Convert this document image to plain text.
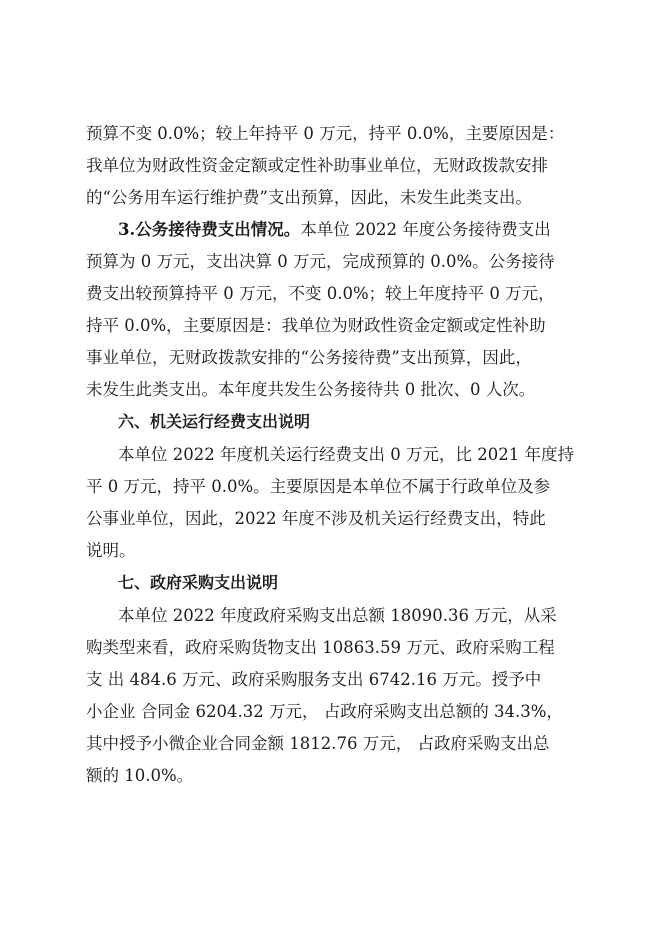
预算不变 0.0%；较上年持平 0 万元，持平 0.0%，主要原因是：
我单位为财政性资金定额或定性补助事业单位，无财政拨款安排
的“公务用车运行维护费”支出预算，因此，未发生此类支出。
3.公务接待费支出情况。本单位 2022 年度公务接待费支出
预算为 0 万元，支出决算 0 万元，完成预算的 0.0%。公务接待
费支出较预算持平 0 万元，不变 0.0%；较上年度持平 0 万元，
持平 0.0%，主要原因是：我单位为财政性资金定额或定性补助
事业单位，无财政拨款安排的“公务接待费”支出预算，因此，
未发生此类支出。本年度共发生公务接待共 0 批次、0 人次。
六、机关运行经费支出说明
本单位 2022 年度机关运行经费支出 0 万元，比 2021 年度持
平 0 万元，持平 0.0%。主要原因是本单位不属于行政单位及参
公事业单位，因此，2022 年度不涉及机关运行经费支出，特此
说明。
七、政府采购支出说明
本单位 2022 年度政府采购支出总额 18090.36 万元，从采
购类型来看，政府采购货物支出 10863.59 万元、政府采购工程
支 出 484.6 万元、政府采购服务支出 6742.16 万元。授予中
小企业 合同金 6204.32 万元， 占政府采购支出总额的 34.3%，
其中授予小微企业合同金额 1812.76 万元， 占政府采购支出总
额的 10.0%。
